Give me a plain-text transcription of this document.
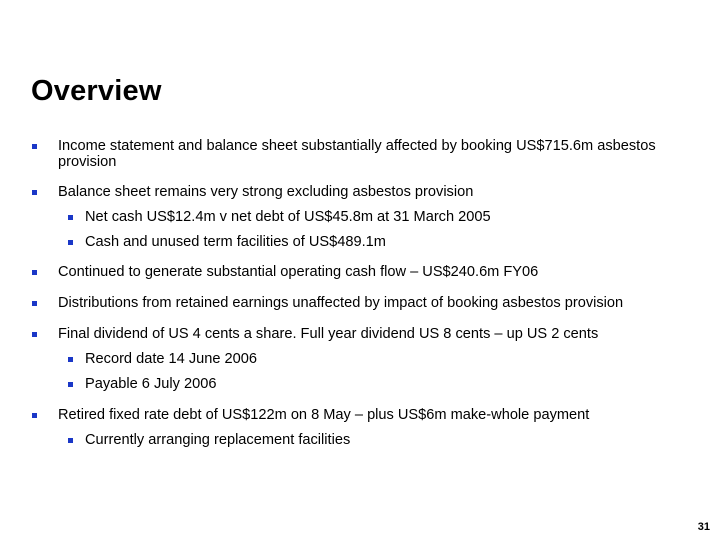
Overview
Income statement and balance sheet substantially affected by booking US$715.6m asbestos provision
Balance sheet remains very strong excluding asbestos provision
Net cash US$12.4m v net debt of US$45.8m at 31 March 2005
Cash and unused term facilities of US$489.1m
Continued to generate substantial operating cash flow – US$240.6m FY06
Distributions from retained earnings unaffected by impact of booking asbestos provision
Final dividend of US 4 cents a share. Full year dividend US 8 cents – up US 2 cents
Record date 14 June 2006
Payable 6 July 2006
Retired fixed rate debt of US$122m on 8 May – plus US$6m make-whole payment
Currently arranging replacement facilities
31
